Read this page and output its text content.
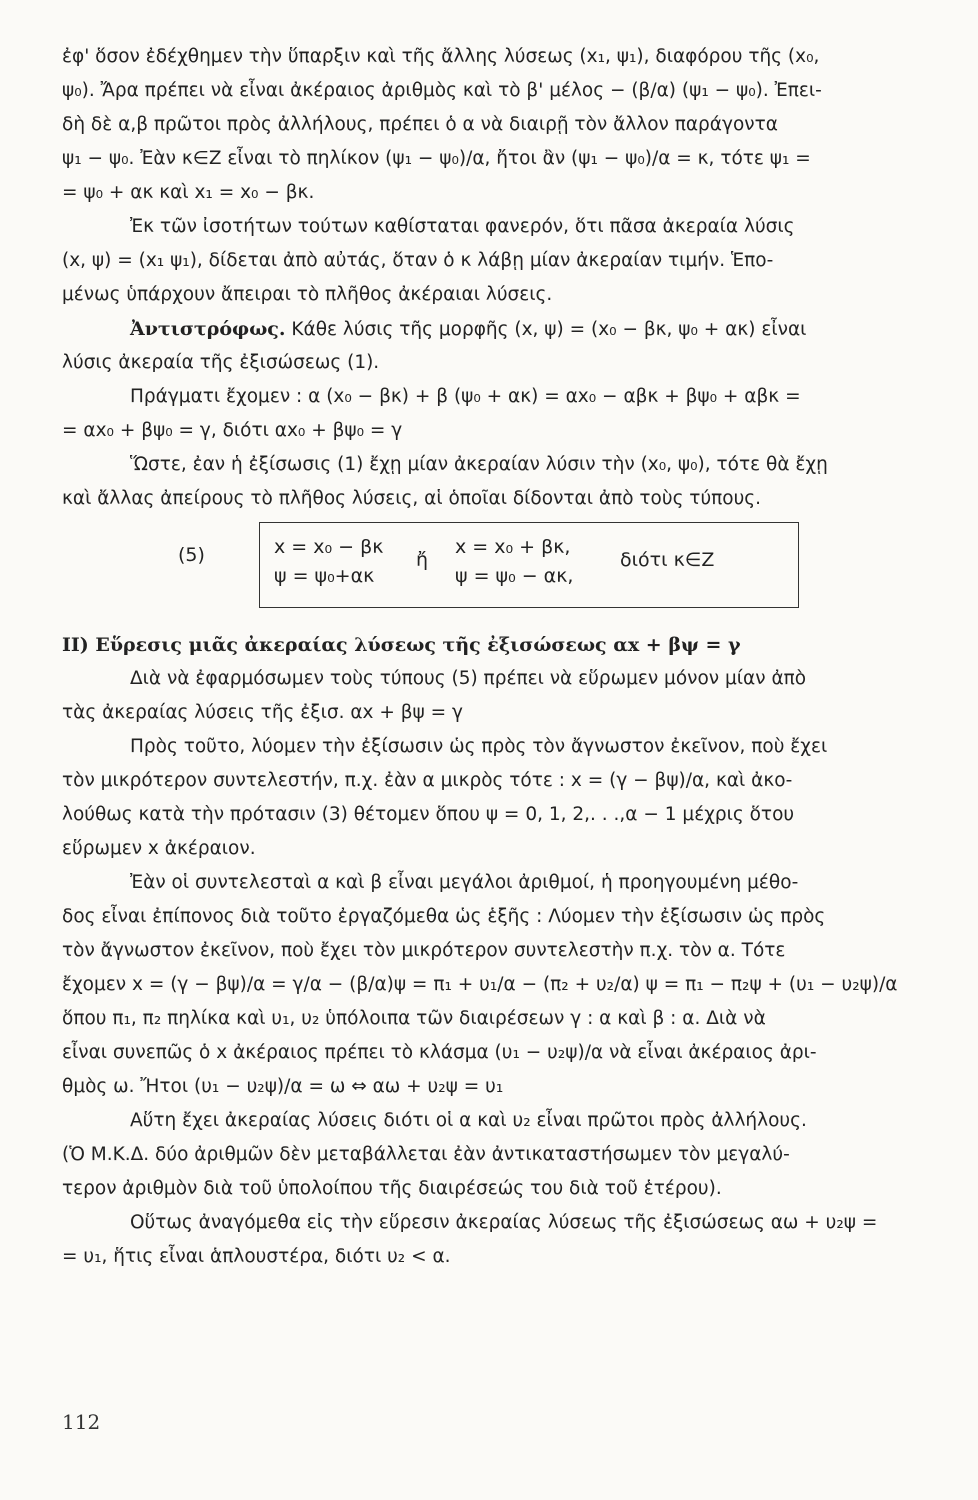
ἐφ' ὅσον ἐδέχθημεν τὴν ὕπαρξιν καὶ τῆς ἄλλης λύσεως (x₁, ψ₁), διαφόρου τῆς (x₀,
ψ₀). Ἄρα πρέπει νὰ εἶναι ἀκέραιος ἀριθμὸς καὶ τὸ β' μέλος − (β/α) (ψ₁ − ψ₀). Ἐπει-
δὴ δὲ α,β πρῶτοι πρὸς ἀλλήλους, πρέπει ὁ α νὰ διαιρῇ τὸν ἄλλον παράγοντα
ψ₁ − ψ₀. Ἐὰν κ∈Z εἶναι τὸ πηλίκον (ψ₁ − ψ₀)/α, ἤτοι ἂν (ψ₁ − ψ₀)/α = κ, τότε ψ₁ =
= ψ₀ + ακ καὶ x₁ = x₀ − βκ.
Ἐκ τῶν ἰσοτήτων τούτων καθίσταται φανερόν, ὅτι πᾶσα ἀκεραία λύσις
(x, ψ) = (x₁ ψ₁), δίδεται ἀπὸ αὐτάς, ὅταν ὁ κ λάβῃ μίαν ἀκεραίαν τιμήν. Ἑπο-
μένως ὑπάρχουν ἄπειραι τὸ πλῆθος ἀκέραιαι λύσεις.
Ἀντιστρόφως. Κάθε λύσις τῆς μορφῆς (x, ψ) = (x₀ − βκ, ψ₀ + ακ) εἶναι
λύσις ἀκεραία τῆς ἐξισώσεως (1).
Πράγματι ἔχομεν : α (x₀ − βκ) + β (ψ₀ + ακ) = αx₀ − αβκ + βψ₀ + αβκ =
= αx₀ + βψ₀ = γ, διότι αx₀ + βψ₀ = γ
Ὥστε, ἐαν ἡ ἐξίσωσις (1) ἔχῃ μίαν ἀκεραίαν λύσιν τὴν (x₀, ψ₀), τότε θὰ ἔχῃ
καὶ ἄλλας ἀπείρους τὸ πλῆθος λύσεις, αἱ ὁποῖαι δίδονται ἀπὸ τοὺς τύπους.
(5)	x = x₀ − βκ
ψ = ψ₀+ακ
ἤ
x = x₀ + βκ,
ψ = ψ₀ − ακ,
διότι κ∈Z
II) Εὕρεσις μιᾶς ἀκεραίας λύσεως τῆς ἐξισώσεως αx + βψ = γ
Διὰ νὰ ἐφαρμόσωμεν τοὺς τύπους (5) πρέπει νὰ εὕρωμεν μόνον μίαν ἀπὸ
τὰς ἀκεραίας λύσεις τῆς ἐξισ. αx + βψ = γ
Πρὸς τοῦτο, λύομεν τὴν ἐξίσωσιν ὡς πρὸς τὸν ἄγνωστον ἐκεῖνον, ποὺ ἔχει
τὸν μικρότερον συντελεστήν, π.χ. ἐὰν α μικρὸς τότε : x = (γ − βψ)/α, καὶ ἀκο-
λούθως κατὰ τὴν πρότασιν (3) θέτομεν ὅπου ψ = 0, 1, 2,. . .,α − 1 μέχρις ὅτου
εὕρωμεν x ἀκέραιον.
Ἐὰν οἱ συντελεσταὶ α καὶ β εἶναι μεγάλοι ἀριθμοί, ἡ προηγουμένη μέθο-
δος εἶναι ἐπίπονος διὰ τοῦτο ἐργαζόμεθα ὡς ἑξῆς : Λύομεν τὴν ἐξίσωσιν ὡς πρὸς
τὸν ἄγνωστον ἐκεῖνον, ποὺ ἔχει τὸν μικρότερον συντελεστὴν π.χ. τὸν α. Τότε
ἔχομεν x = (γ − βψ)/α = γ/α − (β/α)ψ = π₁ + υ₁/α − (π₂ + υ₂/α) ψ = π₁ − π₂ψ + (υ₁ − υ₂ψ)/α
ὅπου π₁, π₂ πηλίκα καὶ υ₁, υ₂ ὑπόλοιπα τῶν διαιρέσεων γ : α καὶ β : α. Διὰ νὰ
εἶναι συνεπῶς ὁ x ἀκέραιος πρέπει τὸ κλάσμα (υ₁ − υ₂ψ)/α νὰ εἶναι ἀκέραιος ἀρι-
θμὸς ω. Ἤτοι (υ₁ − υ₂ψ)/α = ω ⇔ αω + υ₂ψ = υ₁
Αὕτη ἔχει ἀκεραίας λύσεις διότι οἱ α καὶ υ₂ εἶναι πρῶτοι πρὸς ἀλλήλους.
(Ὁ Μ.Κ.Δ. δύο ἀριθμῶν δὲν μεταβάλλεται ἐὰν ἀντικαταστήσωμεν τὸν μεγαλύ-
τερον ἀριθμὸν διὰ τοῦ ὑπολοίπου τῆς διαιρέσεώς του διὰ τοῦ ἑτέρου).
Οὕτως ἀναγόμεθα εἰς τὴν εὕρεσιν ἀκεραίας λύσεως τῆς ἐξισώσεως αω + υ₂ψ =
= υ₁, ἥτις εἶναι ἁπλουστέρα, διότι υ₂ < α.
112
